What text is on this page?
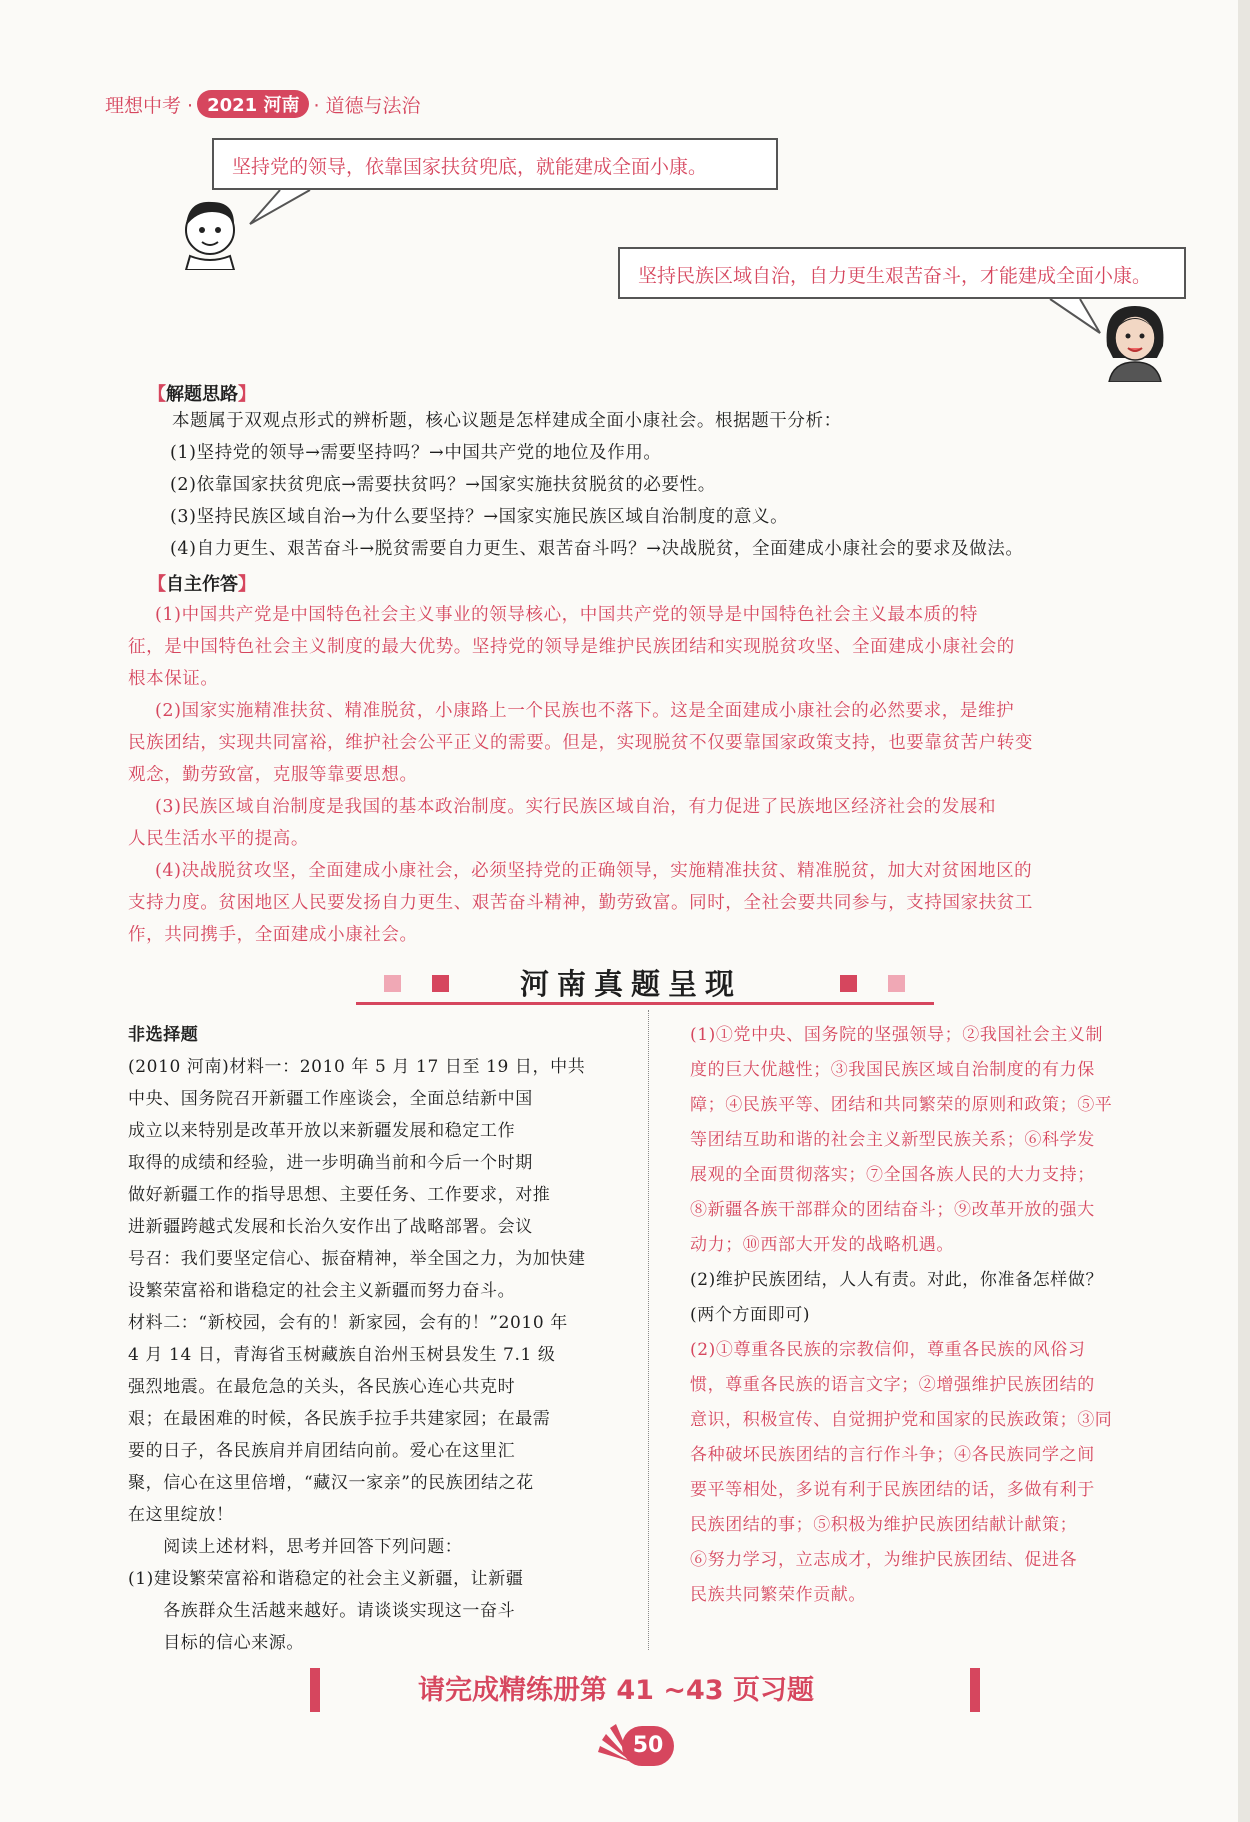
理想中考 · 2021 河南 · 道德与法治
坚持党的领导，依靠国家扶贫兜底，就能建成全面小康。
坚持民族区域自治，自力更生艰苦奋斗，才能建成全面小康。
【解题思路】
本题属于双观点形式的辨析题，核心议题是怎样建成全面小康社会。根据题干分析：
(1)坚持党的领导→需要坚持吗？→中国共产党的地位及作用。
(2)依靠国家扶贫兜底→需要扶贫吗？→国家实施扶贫脱贫的必要性。
(3)坚持民族区域自治→为什么要坚持？→国家实施民族区域自治制度的意义。
(4)自力更生、艰苦奋斗→脱贫需要自力更生、艰苦奋斗吗？→决战脱贫，全面建成小康社会的要求及做法。
【自主作答】
(1)中国共产党是中国特色社会主义事业的领导核心，中国共产党的领导是中国特色社会主义最本质的特
征，是中国特色社会主义制度的最大优势。坚持党的领导是维护民族团结和实现脱贫攻坚、全面建成小康社会的
根本保证。
(2)国家实施精准扶贫、精准脱贫，小康路上一个民族也不落下。这是全面建成小康社会的必然要求，是维护
民族团结，实现共同富裕，维护社会公平正义的需要。但是，实现脱贫不仅要靠国家政策支持，也要靠贫苦户转变
观念，勤劳致富，克服等靠要思想。
(3)民族区域自治制度是我国的基本政治制度。实行民族区域自治，有力促进了民族地区经济社会的发展和
人民生活水平的提高。
(4)决战脱贫攻坚，全面建成小康社会，必须坚持党的正确领导，实施精准扶贫、精准脱贫，加大对贫困地区的
支持力度。贫困地区人民要发扬自力更生、艰苦奋斗精神，勤劳致富。同时，全社会要共同参与，支持国家扶贫工
作，共同携手，全面建成小康社会。
河南真题呈现
非选择题
(2010 河南)材料一：2010 年 5 月 17 日至 19 日，中共
中央、国务院召开新疆工作座谈会，全面总结新中国
成立以来特别是改革开放以来新疆发展和稳定工作
取得的成绩和经验，进一步明确当前和今后一个时期
做好新疆工作的指导思想、主要任务、工作要求，对推
进新疆跨越式发展和长治久安作出了战略部署。会议
号召：我们要坚定信心、振奋精神，举全国之力，为加快建
设繁荣富裕和谐稳定的社会主义新疆而努力奋斗。
材料二：“新校园，会有的！新家园，会有的！”2010 年
4 月 14 日，青海省玉树藏族自治州玉树县发生 7.1 级
强烈地震。在最危急的关头，各民族心连心共克时
艰；在最困难的时候，各民族手拉手共建家园；在最需
要的日子，各民族肩并肩团结向前。爱心在这里汇
聚，信心在这里倍增，“藏汉一家亲”的民族团结之花
在这里绽放！
　　阅读上述材料，思考并回答下列问题：
(1)建设繁荣富裕和谐稳定的社会主义新疆，让新疆
　　各族群众生活越来越好。请谈谈实现这一奋斗
　　目标的信心来源。
(1)①党中央、国务院的坚强领导；②我国社会主义制
度的巨大优越性；③我国民族区域自治制度的有力保
障；④民族平等、团结和共同繁荣的原则和政策；⑤平
等团结互助和谐的社会主义新型民族关系；⑥科学发
展观的全面贯彻落实；⑦全国各族人民的大力支持；
⑧新疆各族干部群众的团结奋斗；⑨改革开放的强大
动力；⑩西部大开发的战略机遇。
(2)维护民族团结，人人有责。对此，你准备怎样做？
(两个方面即可)
(2)①尊重各民族的宗教信仰，尊重各民族的风俗习
惯，尊重各民族的语言文字；②增强维护民族团结的
意识，积极宣传、自觉拥护党和国家的民族政策；③同
各种破坏民族团结的言行作斗争；④各民族同学之间
要平等相处，多说有利于民族团结的话，多做有利于
民族团结的事；⑤积极为维护民族团结献计献策；
⑥努力学习，立志成才，为维护民族团结、促进各
民族共同繁荣作贡献。
请完成精练册第 41 ~43 页习题
50
